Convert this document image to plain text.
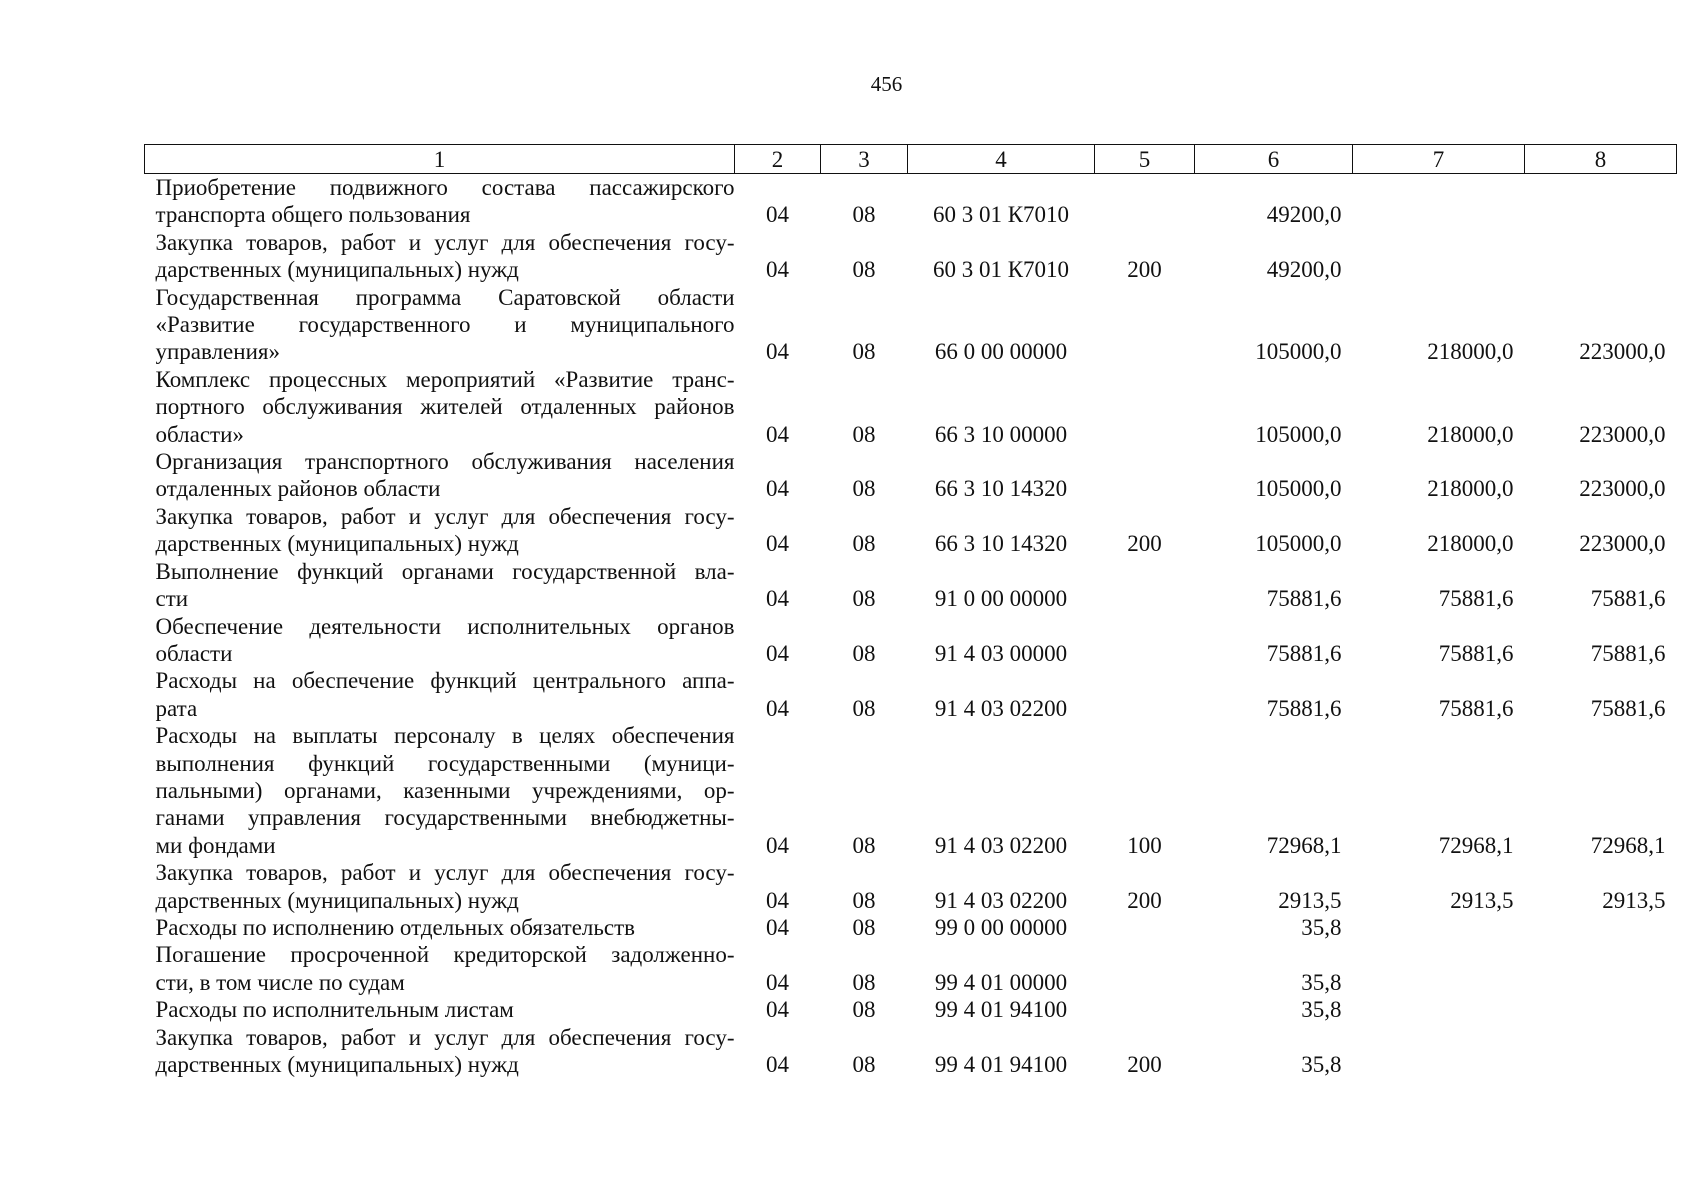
456
1	2	3	4	5	6	7	8

Приобретение подвижного состава пассажирского
транспорта общего пользования	04	08	60 3 01 К7010		49200,0		

Закупка товаров, работ и услуг для обеспечения госу-
дарственных (муниципальных) нужд	04	08	60 3 01 К7010	200	49200,0		

Государственная программа Саратовской области
«Развитие государственного и муниципального
управления»	04	08	66 0 00 00000		105000,0	218000,0	223000,0

Комплекс процессных мероприятий «Развитие транс-
портного обслуживания жителей отдаленных районов
области»	04	08	66 3 10 00000		105000,0	218000,0	223000,0

Организация транспортного обслуживания населения
отдаленных районов области	04	08	66 3 10 14320		105000,0	218000,0	223000,0

Закупка товаров, работ и услуг для обеспечения госу-
дарственных (муниципальных) нужд	04	08	66 3 10 14320	200	105000,0	218000,0	223000,0

Выполнение функций органами государственной вла-
сти	04	08	91 0 00 00000		75881,6	75881,6	75881,6

Обеспечение деятельности исполнительных органов
области	04	08	91 4 03 00000		75881,6	75881,6	75881,6

Расходы на обеспечение функций центрального аппа-
рата	04	08	91 4 03 02200		75881,6	75881,6	75881,6

Расходы на выплаты персоналу в целях обеспечения
выполнения функций государственными (муници-
пальными) органами, казенными учреждениями, ор-
ганами управления государственными внебюджетны-
ми фондами	04	08	91 4 03 02200	100	72968,1	72968,1	72968,1

Закупка товаров, работ и услуг для обеспечения госу-
дарственных (муниципальных) нужд	04	08	91 4 03 02200	200	2913,5	2913,5	2913,5

Расходы по исполнению отдельных обязательств	04	08	99 0 00 00000		35,8		

Погашение просроченной кредиторской задолженно-
сти, в том числе по судам	04	08	99 4 01 00000		35,8		

Расходы по исполнительным листам	04	08	99 4 01 94100		35,8		

Закупка товаров, работ и услуг для обеспечения госу-
дарственных (муниципальных) нужд	04	08	99 4 01 94100	200	35,8		
